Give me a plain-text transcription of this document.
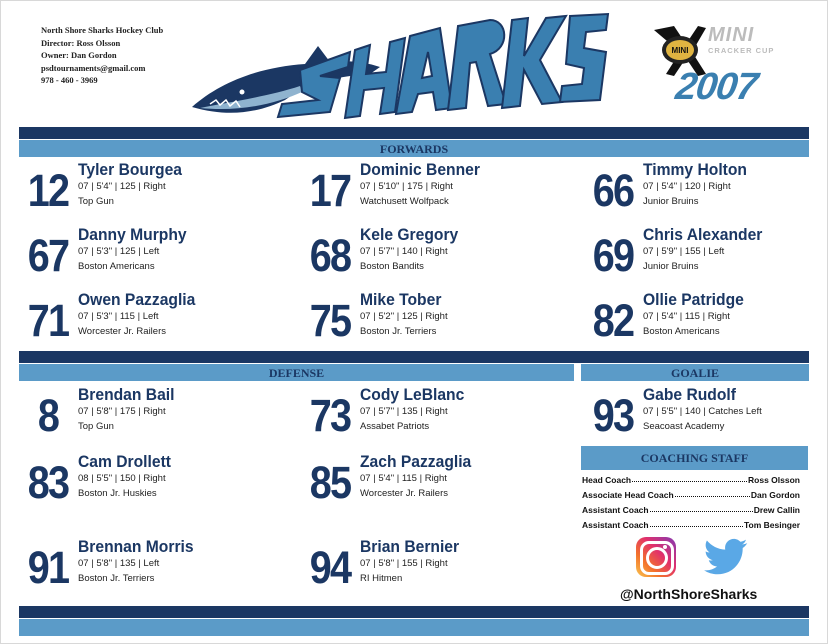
North Shore Sharks Hockey Club
Director: Ross Olsson
Owner: Dan Gordon
psdtournaments@gmail.com
978 - 460 - 3969
MINI
MINI
CRACKER CUP
2007
FORWARDS
DEFENSE	GOALIE
12 Tyler Bourgea
07 | 5'4" | 125 | Right
Top Gun	17 Dominic Benner
07 | 5'10" | 175 | Right
Watchusett Wolfpack	66 Timmy Holton
07 | 5'4" | 120 | Right
Junior Bruins
67 Danny Murphy
07 | 5'3" | 125 | Left
Boston Americans	68 Kele Gregory
07 | 5'7" | 140 | Right
Boston Bandits	69 Chris Alexander
07 | 5'9" | 155 | Left
Junior Bruins
71 Owen Pazzaglia
07 | 5'3" | 115 | Left
Worcester Jr. Railers	75 Mike Tober
07 | 5'2" | 125 | Right
Boston Jr. Terriers	82 Ollie Patridge
07 | 5'4" | 115 | Right
Boston Americans
8	Brendan Bail
07 | 5'8" | 175 | Right
Top Gun	73 Cody LeBlanc
07 | 5'7" | 135 | Right
Assabet Patriots
83 Cam Drollett
08 | 5'5" | 150 | Right
Boston Jr. Huskies	85 Zach Pazzaglia
07 | 5'4" | 115 | Right
Worcester Jr. Railers
91 Brennan Morris
07 | 5'8" | 135 | Left
Boston Jr. Terriers	94 Brian Bernier
07 | 5'8" | 155 | Right
RI Hitmen
93 Gabe Rudolf
07 | 5'5" | 140 | Catches Left
Seacoast Academy
COACHING STAFF
Head Coach	Ross Olsson
Associate Head Coach	Dan Gordon
Assistant Coach	Drew Callin
Assistant Coach	Tom Besinger
@NorthShoreSharks
